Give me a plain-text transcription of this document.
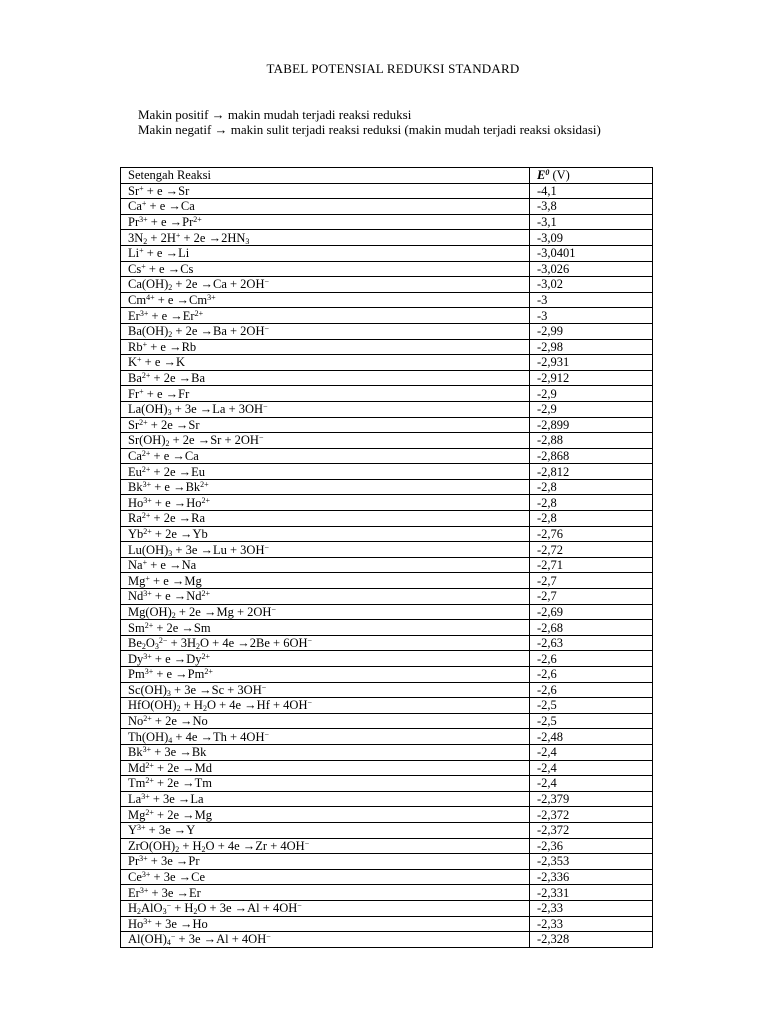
TABEL POTENSIAL REDUKSI STANDARD

Makin positif → makin mudah terjadi reaksi reduksi

Makin negatif → makin sulit terjadi reaksi reduksi (makin mudah terjadi reaksi oksidasi)

Setengah Reaksi	$E^0$ (V)
Sr+ + e →Sr	-4,1
Ca+ + e →Ca	-3,8
$Pr^{3+} + e \to Pr^{2+}$	-3,1
$3N_2 + 2H^+ + 2e \to 2HN_3$	-3,09
Li+ + e →Li	-3,0401
Cs+ + e →Cs	-3,026
$Ca(OH)_2 + 2e \to Ca + 2OH^-$	-3,02
$Cm^{4+} + e \to Cm^{3+}$	-3
$Er^{3+} + e \to Er^{2+}$	-3
$Ba(OH)_2 + 2e \to Ba + 2OH^-$	-2,99
Rb+ + e →Rb	-2,98
K+ + e →K	-2,931
$Ba^{2+} + 2e \to Ba$	-2,912
Fr+ + e →Fr	-2,9
$La(OH)_3 + 3e \to La + 3OH^-$	-2,9
$Sr^{2+} + 2e \to Sr$	-2,899
$Sr(OH)_2 + 2e \to Sr + 2OH^-$	-2,88
$Ca^{2+} + e \to Ca$	-2,868
$Eu^{2+} + 2e \to Eu$	-2,812
$Bk^{3+} + e \to Bk^{2+}$	-2,8
$Ho^{3+} + e \to Ho^{2+}$	-2,8
$Ra^{2+} + 2e \to Ra$	-2,8
$Yb^{2+} + 2e \to Yb$	-2,76
$Lu(OH)_3 + 3e \to Lu + 3OH^-$	-2,72
Na+ + e →Na	-2,71
Mg+ + e →Mg	-2,7
$Nd^{3+} + e \to Nd^{2+}$	-2,7
$Mg(OH)_2 + 2e \to Mg + 2OH^-$	-2,69
$Sm^{2+} + 2e \to Sm$	-2,68
$Be_2O_3^{2-} + 3H_2O + 4e \to 2Be + 6OH^-$	-2,63
$Dy^{3+} + e \to Dy^{2+}$	-2,6
$Pm^{3+} + e \to Pm^{2+}$	-2,6
$Sc(OH)_3 + 3e \to Sc + 3OH^-$	-2,6
$HfO(OH)_2 + H_2O + 4e \to Hf + 4OH^-$	-2,5
$No^{2+} + 2e \to No$	-2,5
$Th(OH)_4 + 4e \to Th + 4OH^-$	-2,48
$Bk^{3+} + 3e \to Bk$	-2,4
$Md^{2+} + 2e \to Md$	-2,4
$Tm^{2+} + 2e \to Tm$	-2,4
$La^{3+} + 3e \to La$	-2,379
$Mg^{2+} + 2e \to Mg$	-2,372
$Y^{3+} + 3e \to Y$	-2,372
$ZrO(OH)_2 + H_2O + 4e \to Zr + 4OH^-$	-2,36
$Pr^{3+} + 3e \to Pr$	-2,353
$Ce^{3+} + 3e \to Ce$	-2,336
$Er^{3+} + 3e \to Er$	-2,331
$H_2AlO_3^- + H_2O + 3e \to Al + 4OH^-$	-2,33
$Ho^{3+} + 3e \to Ho$	-2,33
$Al(OH)_4^- + 3e \to Al + 4OH^-$	-2,328
